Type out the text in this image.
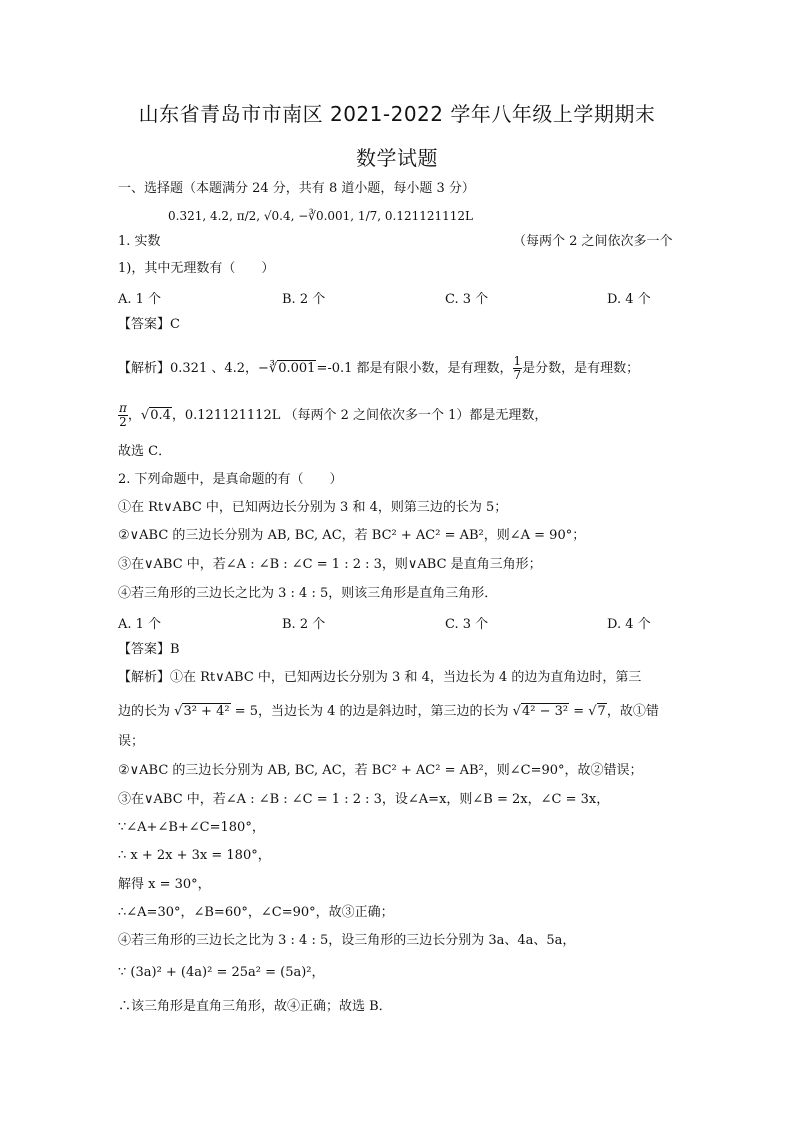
山东省青岛市市南区 2021-2022 学年八年级上学期期末
数学试题
一、选择题（本题满分 24 分，共有 8 道小题，每小题 3 分）
0.321, 4.2, π/2, √0.4, −∛0.001, 1/7, 0.121121112L
1. 实数	（每两个 2 之间依次多一个
1)，其中无理数有（　　）
A. 1 个	B. 2 个	C. 3 个	D. 4 个
【答案】C
【解析】0.321 、4.2，−∛0.001=-0.1 都是有限小数，是有理数， $\frac{1}{7}$ 是分数，是有理数；
$\frac{\pi}{2}$ ，√0.4，0.121121112L （每两个 2 之间依次多一个 1）都是无理数，
故选 C．
2. 下列命题中，是真命题的有（　　）
①在 Rt∨ABC 中，已知两边长分别为 3 和 4，则第三边的长为 5；
②∨ABC 的三边长分别为 AB, BC, AC，若 BC² + AC² = AB²，则∠A = 90°；
③在∨ABC 中，若∠A : ∠B : ∠C = 1 : 2 : 3，则∨ABC 是直角三角形；
④若三角形的三边长之比为 3 : 4 : 5，则该三角形是直角三角形．
A. 1 个	B. 2 个	C. 3 个	D. 4 个
【答案】B
【解析】①在 Rt∨ABC 中，已知两边长分别为 3 和 4，当边长为 4 的边为直角边时，第三
边的长为 √3² + 4² = 5，当边长为 4 的边是斜边时，第三边的长为 √4² − 3² = √7，故①错
误；
②∨ABC 的三边长分别为 AB, BC, AC，若 BC² + AC² = AB²，则∠C=90°，故②错误；
③在∨ABC 中，若∠A : ∠B : ∠C = 1 : 2 : 3，设∠A=x，则∠B = 2x，∠C = 3x，
∵∠A+∠B+∠C=180°，
∴ x + 2x + 3x = 180°，
解得 x = 30°，
∴∠A=30°，∠B=60°，∠C=90°，故③正确；
④若三角形的三边长之比为 3 : 4 : 5，设三角形的三边长分别为 3a、4a、5a，
∵ (3a)² + (4a)² = 25a² = (5a)²，
∴该三角形是直角三角形，故④正确；故选 B．
